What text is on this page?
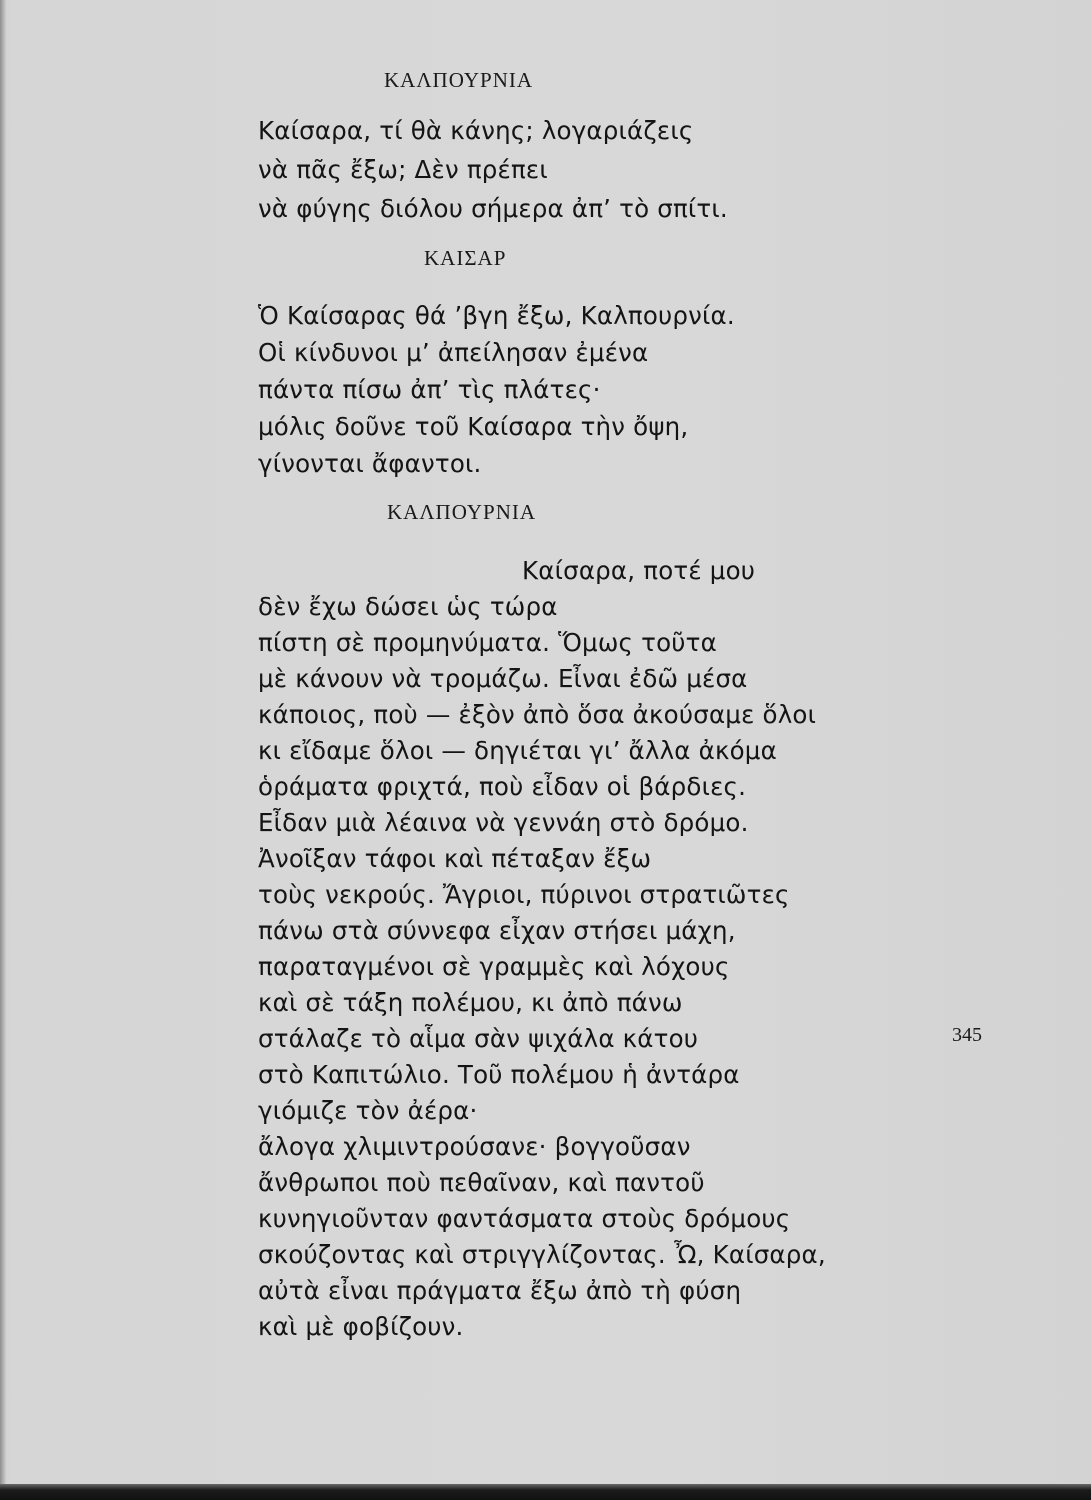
ΚΑΛΠΟΥΡΝΙΑ
Καίσαρα, τί θὰ κάνης; λογαριάζεις
νὰ πᾶς ἔξω; Δὲν πρέπει
νὰ φύγης διόλου σήμερα ἀπ’ τὸ σπίτι.
ΚΑΙΣΑΡ
Ὁ Καίσαρας θά ’βγη ἔξω, Καλπουρνία.
Οἱ κίνδυνοι μ’ ἀπείλησαν ἐμένα
πάντα πίσω ἀπ’ τὶς πλάτες·
μόλις δοῦνε τοῦ Καίσαρα τὴν ὄψη,
γίνονται ἄφαντοι.
ΚΑΛΠΟΥΡΝΙΑ
Καίσαρα, ποτέ μου
δὲν ἔχω δώσει ὡς τώρα
πίστη σὲ προμηνύματα. Ὅμως τοῦτα
μὲ κάνουν νὰ τρομάζω. Εἶναι ἐδῶ μέσα
κάποιος, ποὺ — ἐξὸν ἀπὸ ὅσα ἀκούσαμε ὅλοι
κι εἴδαμε ὅλοι — δηγιέται γι’ ἄλλα ἀκόμα
ὁράματα φριχτά, ποὺ εἶδαν οἱ βάρδιες.
Εἶδαν μιὰ λέαινα νὰ γεννάη στὸ δρόμο.
Ἀνοῖξαν τάφοι καὶ πέταξαν ἔξω
τοὺς νεκρούς. Ἄγριοι, πύρινοι στρατιῶτες
πάνω στὰ σύννεφα εἶχαν στήσει μάχη,
παραταγμένοι σὲ γραμμὲς καὶ λόχους
καὶ σὲ τάξη πολέμου, κι ἀπὸ πάνω
στάλαζε τὸ αἷμα σὰν ψιχάλα κάτου
στὸ Καπιτώλιο. Τοῦ πολέμου ἡ ἀντάρα
γιόμιζε τὸν ἀέρα·
ἄλογα χλιμιντρούσανε· βογγοῦσαν
ἄνθρωποι ποὺ πεθαῖναν, καὶ παντοῦ
κυνηγιοῦνταν φαντάσματα στοὺς δρόμους
σκούζοντας καὶ στριγγλίζοντας. Ὦ, Καίσαρα,
αὐτὰ εἶναι πράγματα ἔξω ἀπὸ τὴ φύση
καὶ μὲ φοβίζουν.
345
